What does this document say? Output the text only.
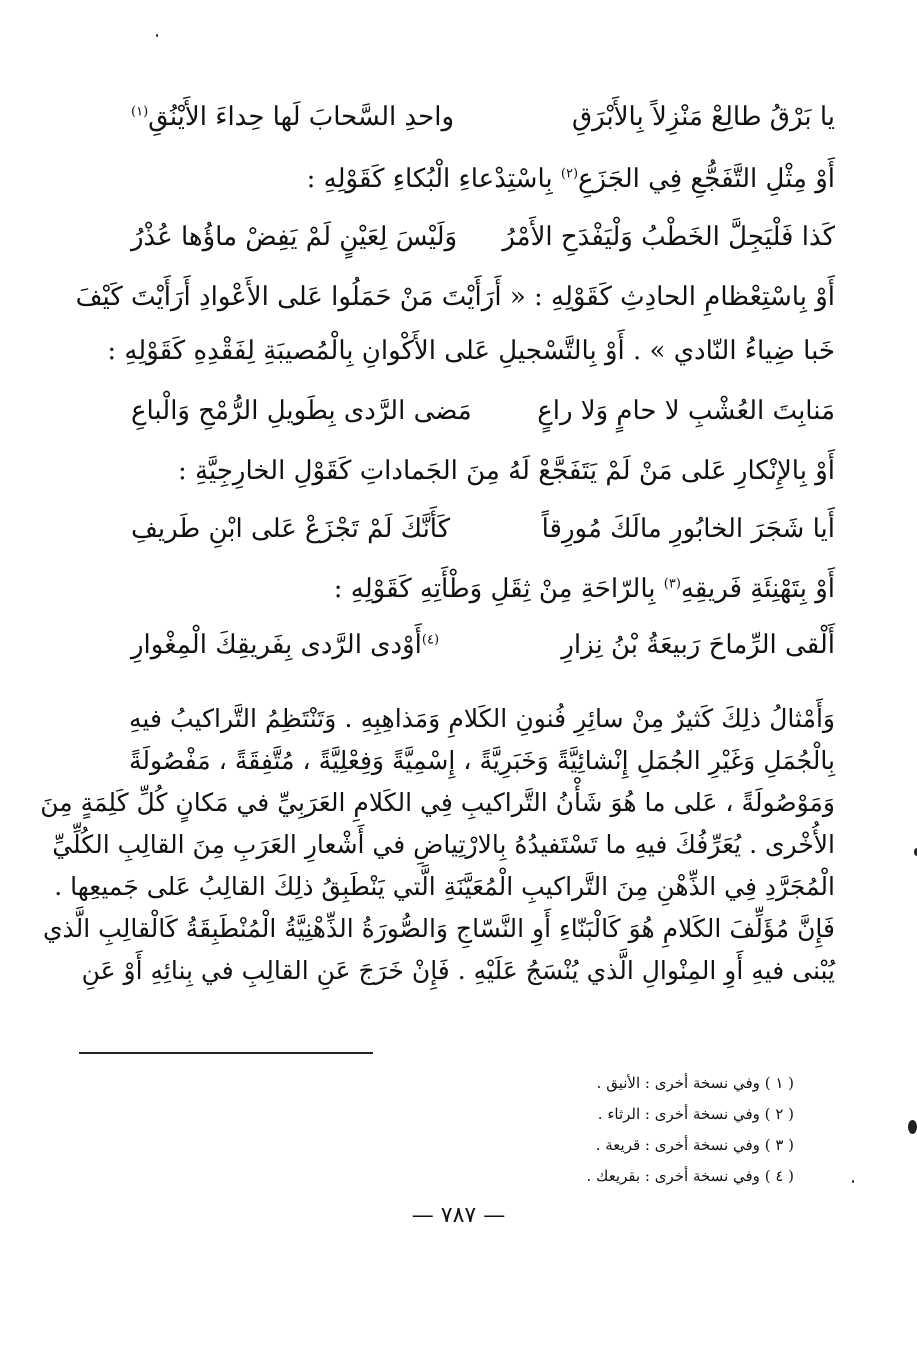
يا بَرْقُ طالِعْ مَنْزِلاً بِالأَبْرَقِ
واحدِ السَّحابَ لَها حِداءَ الأَيْنُقِ$^{(١)}$
أَوْ مِثْلِ التَّفَجُّعِ فِي الجَزَعِ$^{(٢)}$ بِاسْتِدْعاءِ الْبُكاءِ كَقَوْلِهِ :
كَذا فَلْيَجِلَّ الخَطْبُ وَلْيَفْدَحِ الأَمْرُ
وَلَيْسَ لِعَيْنٍ لَمْ يَفِضْ ماؤُها عُذْرُ
أَوْ بِاسْتِعْظامِ الحادِثِ كَقَوْلِهِ : « أَرَأَيْتَ مَنْ حَمَلُوا عَلى الأَعْوادِ أَرَأَيْتَ كَيْفَ
خَبا ضِياءُ النّادي » . أَوْ بِالتَّسْجيلِ عَلى الأَكْوانِ بِالْمُصيبَةِ لِفَقْدِهِ كَقَوْلِهِ :
مَنابِتَ العُشْبِ لا حامٍ وَلا راعٍ
مَضى الرَّدى بِطَويلِ الرُّمْحِ وَالْباعِ
أَوْ بِالإِنْكارِ عَلى مَنْ لَمْ يَتَفَجَّعْ لَهُ مِنَ الجَماداتِ كَقَوْلِ الخارِجِيَّةِ :
أَيا شَجَرَ الخابُورِ مالَكَ مُورِقاً
كَأَنَّكَ لَمْ تَجْزَعْ عَلى ابْنِ طَريفِ
أَوْ بِتَهْنِئَةِ فَريقِهِ$^{(٣)}$ بِالرّاحَةِ مِنْ ثِقَلِ وَطْأَتِهِ كَقَوْلِهِ :
أَلْقى الرِّماحَ رَبيعَةُ بْنُ نِزارِ
$^{(٤)}$أَوْدى الرَّدى بِفَريقِكَ الْمِغْوارِ
وَأَمْثالُ ذلِكَ كَثيرٌ مِنْ سائِرِ فُنونِ الكَلامِ وَمَذاهِبِهِ . وَتَنْتَظِمُ التَّراكيبُ فيهِ
بِالْجُمَلِ وَغَيْرِ الجُمَلِ إِنْشائِيَّةً وَخَبَرِيَّةً ، إِسْمِيَّةً وَفِعْلِيَّةً ، مُتَّفِقَةً ، مَفْصُولَةً
وَمَوْصُولَةً ، عَلى ما هُوَ شَأْنُ التَّراكيبِ فِي الكَلامِ العَرَبِيِّ في مَكانٍ كُلِّ كَلِمَةٍ مِنَ
الأُخْرى . يُعَرِّفُكَ فيهِ ما تَسْتَفيدُهُ بِالارْتِياضِ في أَشْعارِ العَرَبِ مِنَ القالِبِ الكُلِّيِّ
الْمُجَرَّدِ فِي الذِّهْنِ مِنَ التَّراكيبِ الْمُعَيَّنَةِ الَّتي يَنْطَبِقُ ذلِكَ القالِبُ عَلى جَميعِها .
فَإِنَّ مُؤَلِّفَ الكَلامِ هُوَ كَالْبَنّاءِ أَوِ النَّسّاجِ وَالصُّورَةُ الذِّهْنِيَّةُ الْمُنْطَبِقَةُ كَالْقالِبِ الَّذي
يُبْنى فيهِ أَوِ المِنْوالِ الَّذي يُنْسَجُ عَلَيْهِ . فَإِنْ خَرَجَ عَنِ القالِبِ في بِنائِهِ أَوْ عَنِ
( ١ ) وفي نسخة أخرى : الأنيق .
( ٢ ) وفي نسخة أخرى : الرثاء .
( ٣ ) وفي نسخة أخرى : قريعة .
( ٤ ) وفي نسخة أخرى : بقريعك .
— ٧٨٧ —
